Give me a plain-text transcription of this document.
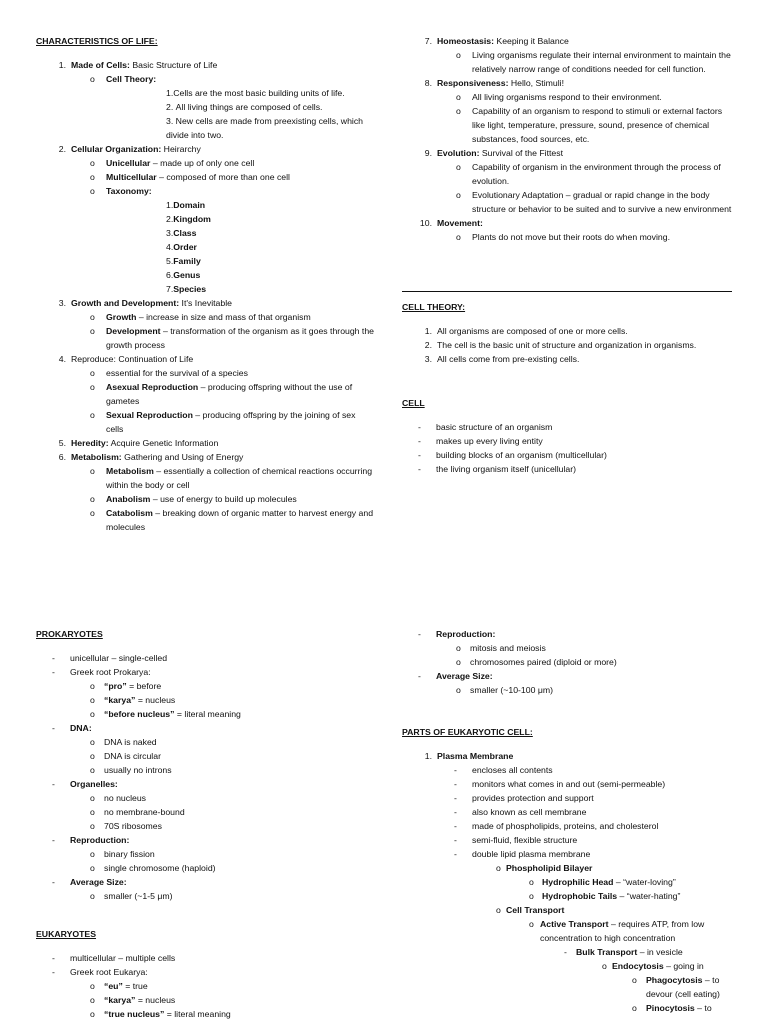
CHARACTERISTICS OF LIFE:

1. Made of Cells: Basic Structure of Life
o Cell Theory:
1.Cells are the most basic building units of life.
2. All living things are composed of cells.
3. New cells are made from preexisting cells, which divide into two.
2. Cellular Organization: Heirarchy
o Unicellular – made up of only one cell
o Multicellular – composed of more than one cell
o Taxonomy:
1.Domain
2.Kingdom
3.Class
4.Order
5.Family
6.Genus
7.Species
3. Growth and Development: It's Inevitable
o Growth – increase in size and mass of that organism
o Development – transformation of the organism as it goes through the growth process
4. Reproduce: Continuation of Life
o essential for the survival of a species
o Asexual Reproduction – producing offspring without the use of gametes
o Sexual Reproduction – producing offspring by the joining of sex cells
5. Heredity: Acquire Genetic Information
6. Metabolism: Gathering and Using of Energy
o Metabolism – essentially a collection of chemical reactions occurring within the body or cell
o Anabolism – use of energy to build up molecules
o Catabolism – breaking down of organic matter to harvest energy and molecules
7. Homeostasis: Keeping it Balance
o Living organisms regulate their internal environment to maintain the relatively narrow range of conditions needed for cell function.
8. Responsiveness: Hello, Stimuli!
o All living organisms respond to their environment.
o Capability of an organism to respond to stimuli or external factors like light, temperature, pressure, sound, presence of chemical substances, food sources, etc.
9. Evolution: Survival of the Fittest
o Capability of organism in the environment through the process of evolution.
o Evolutionary Adaptation – gradual or rapid change in the body structure or behavior to be suited and to survive a new environment
10. Movement:
o Plants do not move but their roots do when moving.

CELL THEORY:

1. All organisms are composed of one or more cells.
2. The cell is the basic unit of structure and organization in organisms.
3. All cells come from pre-existing cells.

CELL

- basic structure of an organism
- makes up every living entity
- building blocks of an organism (multicellular)
- the living organism itself (unicellular)

PROKARYOTES

- unicellular – single-celled
- Greek root Prokarya:
o “pro” = before
o “karya” = nucleus
o “before nucleus” = literal meaning
- DNA:
o DNA is naked
o DNA is circular
o usually no introns
- Organelles:
o no nucleus
o no membrane-bound
o 70S ribosomes
- Reproduction:
o binary fission
o single chromosome (haploid)
- Average Size:
o smaller (~1-5 μm)

EUKARYOTES

- multicellular – multiple cells
- Greek root Eukarya:
o “eu” = true
o “karya” = nucleus
o “true nucleus” = literal meaning
- Reproduction:
o mitosis and meiosis
o chromosomes paired (diploid or more)
- Average Size:
o smaller (~10-100 μm)

PARTS OF EUKARYOTIC CELL:

1. Plasma Membrane
- encloses all contents
- monitors what comes in and out (semi-permeable)
- provides protection and support
- also known as cell membrane
- made of phospholipids, proteins, and cholesterol
- semi-fluid, flexible structure
- double lipid plasma membrane
o Phospholipid Bilayer
o Hydrophilic Head – “water-loving”
o Hydrophobic Tails – “water-hating”
o Cell Transport
o Active Transport – requires ATP, from low concentration to high concentration
- Bulk Transport – in vesicle
o Endocytosis – going in
o Phagocytosis – to devour (cell eating)
o Pinocytosis – to
